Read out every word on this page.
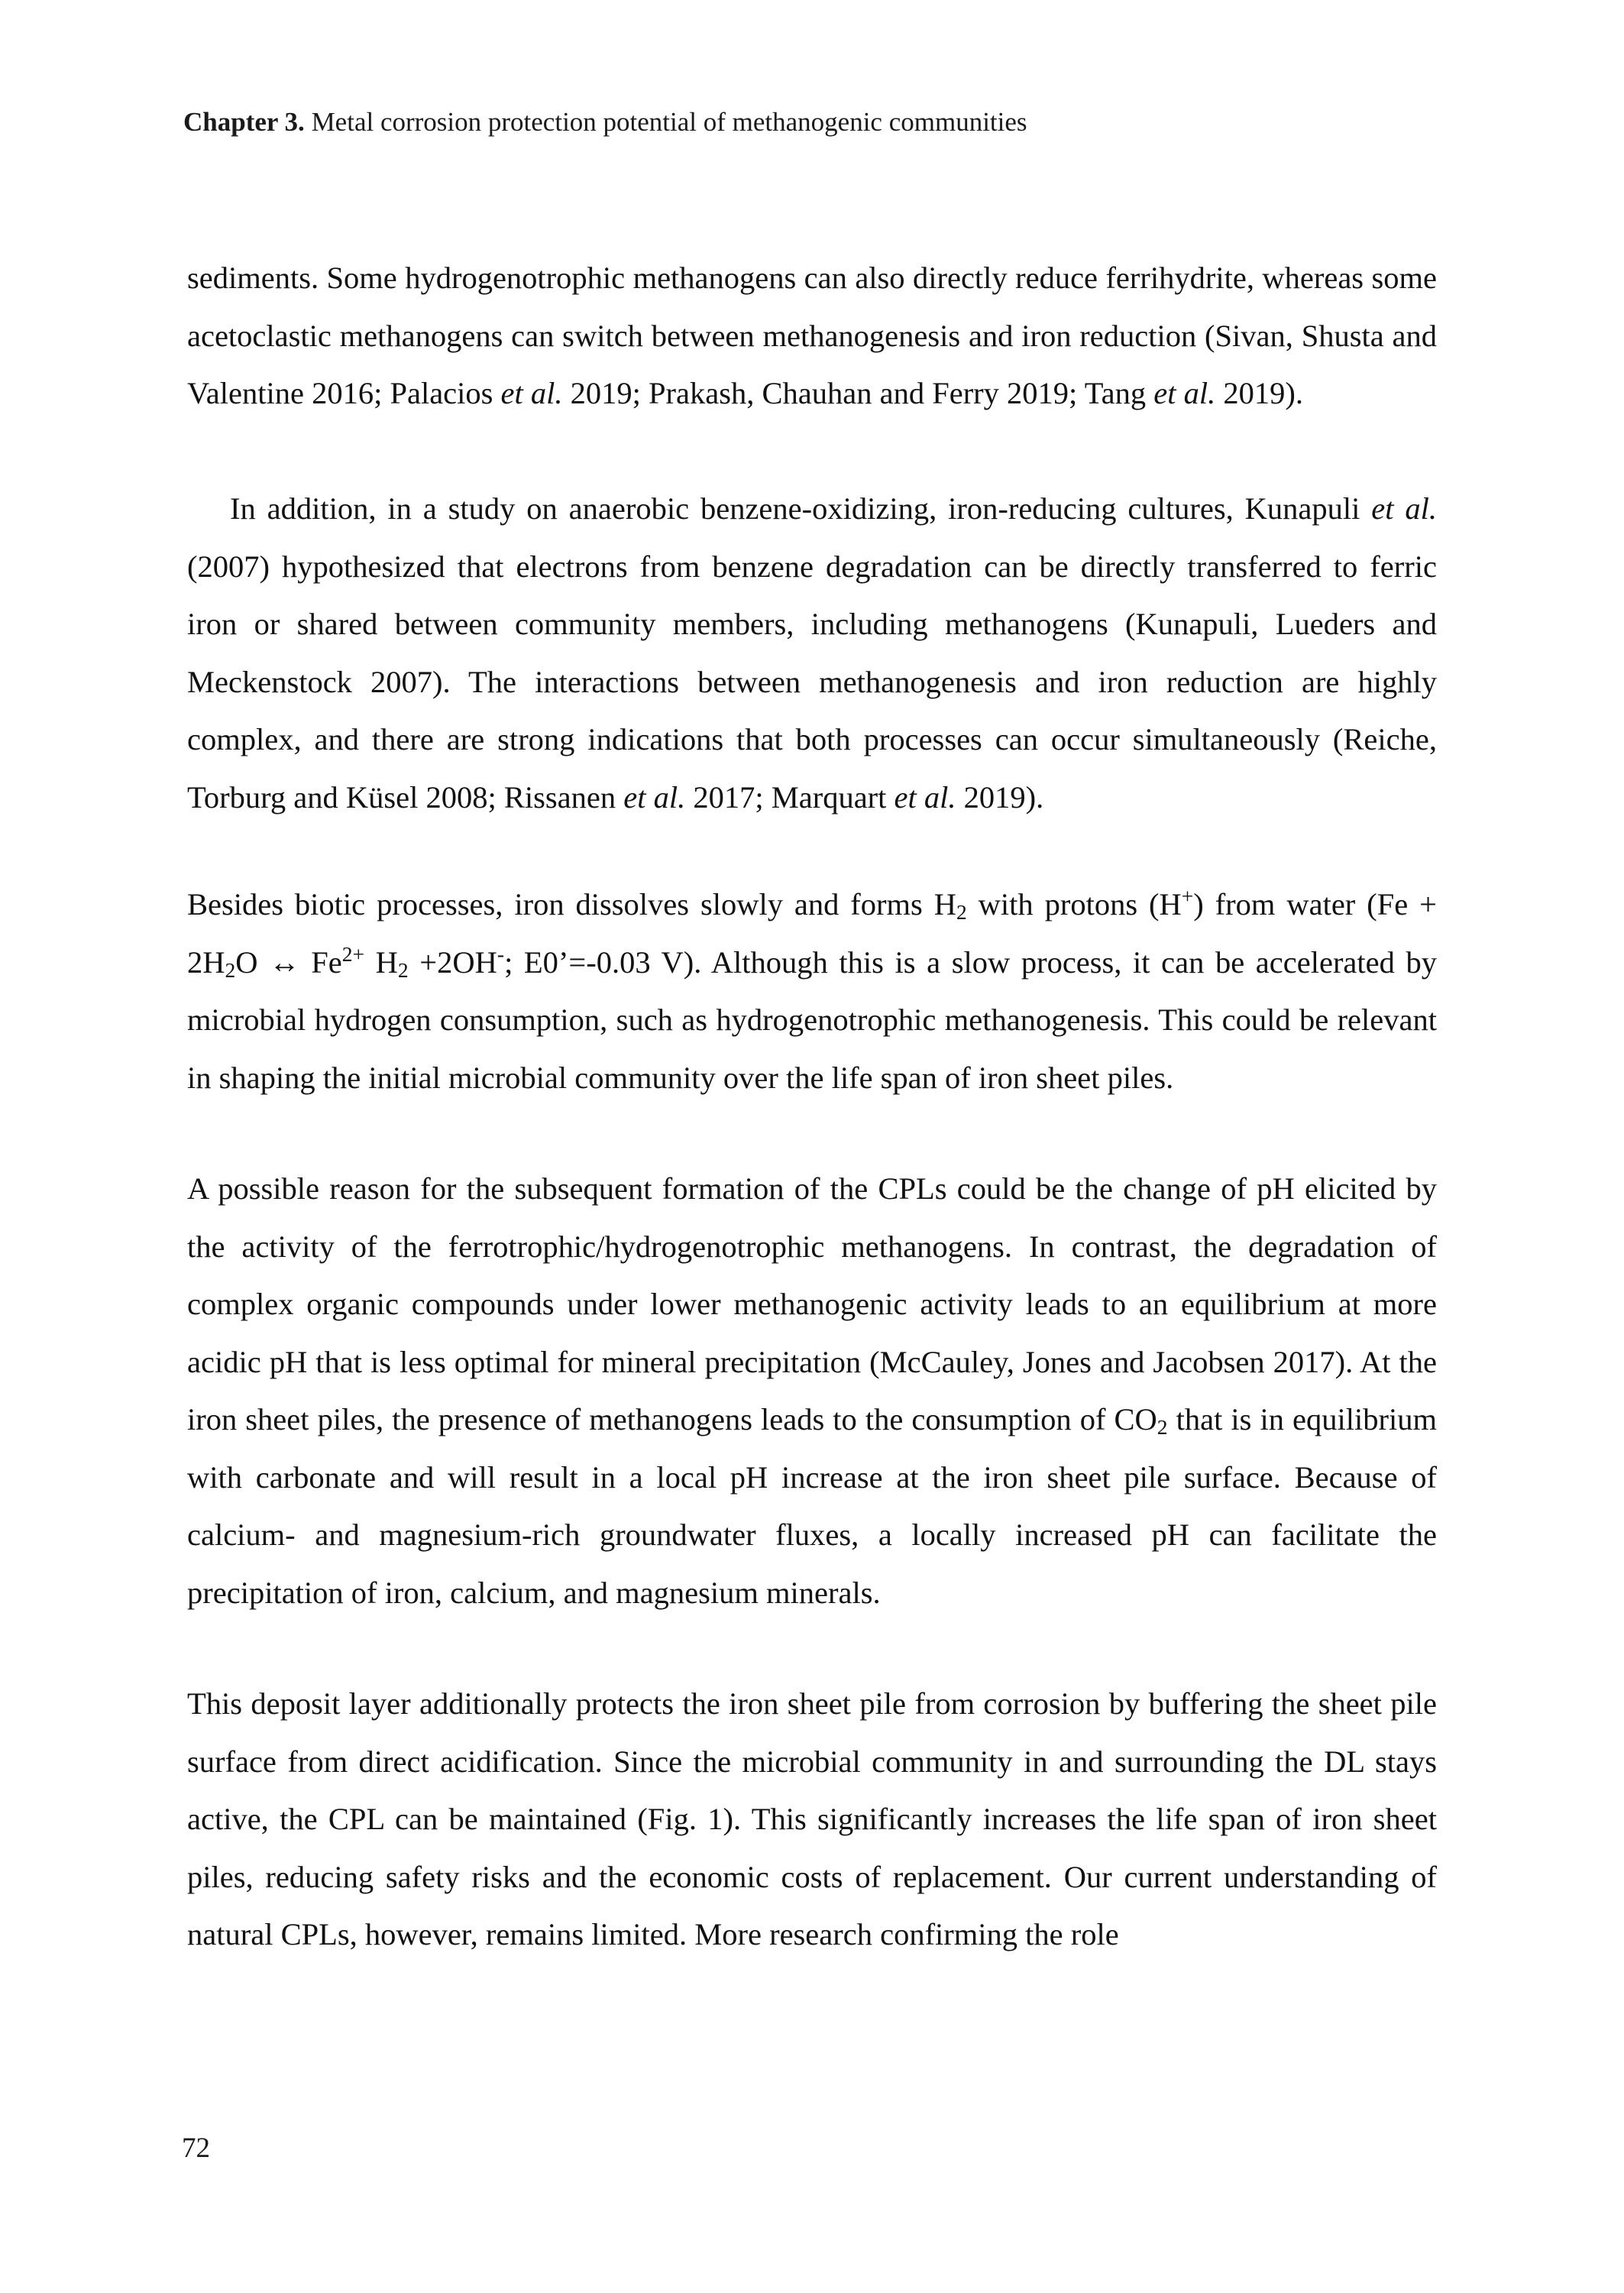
Chapter 3. Metal corrosion protection potential of methanogenic communities

sediments. Some hydrogenotrophic methanogens can also directly reduce ferrihydrite, whereas some acetoclastic methanogens can switch between methanogenesis and iron reduction (Sivan, Shusta and Valentine 2016; Palacios et al. 2019; Prakash, Chauhan and Ferry 2019; Tang et al. 2019).

In addition, in a study on anaerobic benzene-oxidizing, iron-reducing cultures, Kunapuli et al. (2007) hypothesized that electrons from benzene degradation can be directly transferred to ferric iron or shared between community members, including methanogens (Kunapuli, Lueders and Meckenstock 2007). The interactions between methanogenesis and iron reduction are highly complex, and there are strong indications that both processes can occur simultaneously (Reiche, Torburg and Küsel 2008; Rissanen et al. 2017; Marquart et al. 2019).

Besides biotic processes, iron dissolves slowly and forms $H_2$ with protons (H+) from water ($Fe + 2H_2O$ ↔ $Fe^{2+}$ $H_2 +2OH^-$; E0’=-0.03 V). Although this is a slow process, it can be accelerated by microbial hydrogen consumption, such as hydrogenotrophic methanogenesis. This could be relevant in shaping the initial microbial community over the life span of iron sheet piles.

A possible reason for the subsequent formation of the CPLs could be the change of pH elicited by the activity of the ferrotrophic/hydrogenotrophic methanogens. In contrast, the degradation of complex organic compounds under lower methanogenic activity leads to an equilibrium at more acidic pH that is less optimal for mineral precipitation (McCauley, Jones and Jacobsen 2017). At the iron sheet piles, the presence of methanogens leads to the consumption of $CO_2$ that is in equilibrium with carbonate and will result in a local pH increase at the iron sheet pile surface. Because of calcium- and magnesium-rich groundwater fluxes, a locally increased pH can facilitate the precipitation of iron, calcium, and magnesium minerals.

This deposit layer additionally protects the iron sheet pile from corrosion by buffering the sheet pile surface from direct acidification. Since the microbial community in and surrounding the DL stays active, the CPL can be maintained (Fig. 1). This significantly increases the life span of iron sheet piles, reducing safety risks and the economic costs of replacement. Our current understanding of natural CPLs, however, remains limited. More research confirming the role

72
